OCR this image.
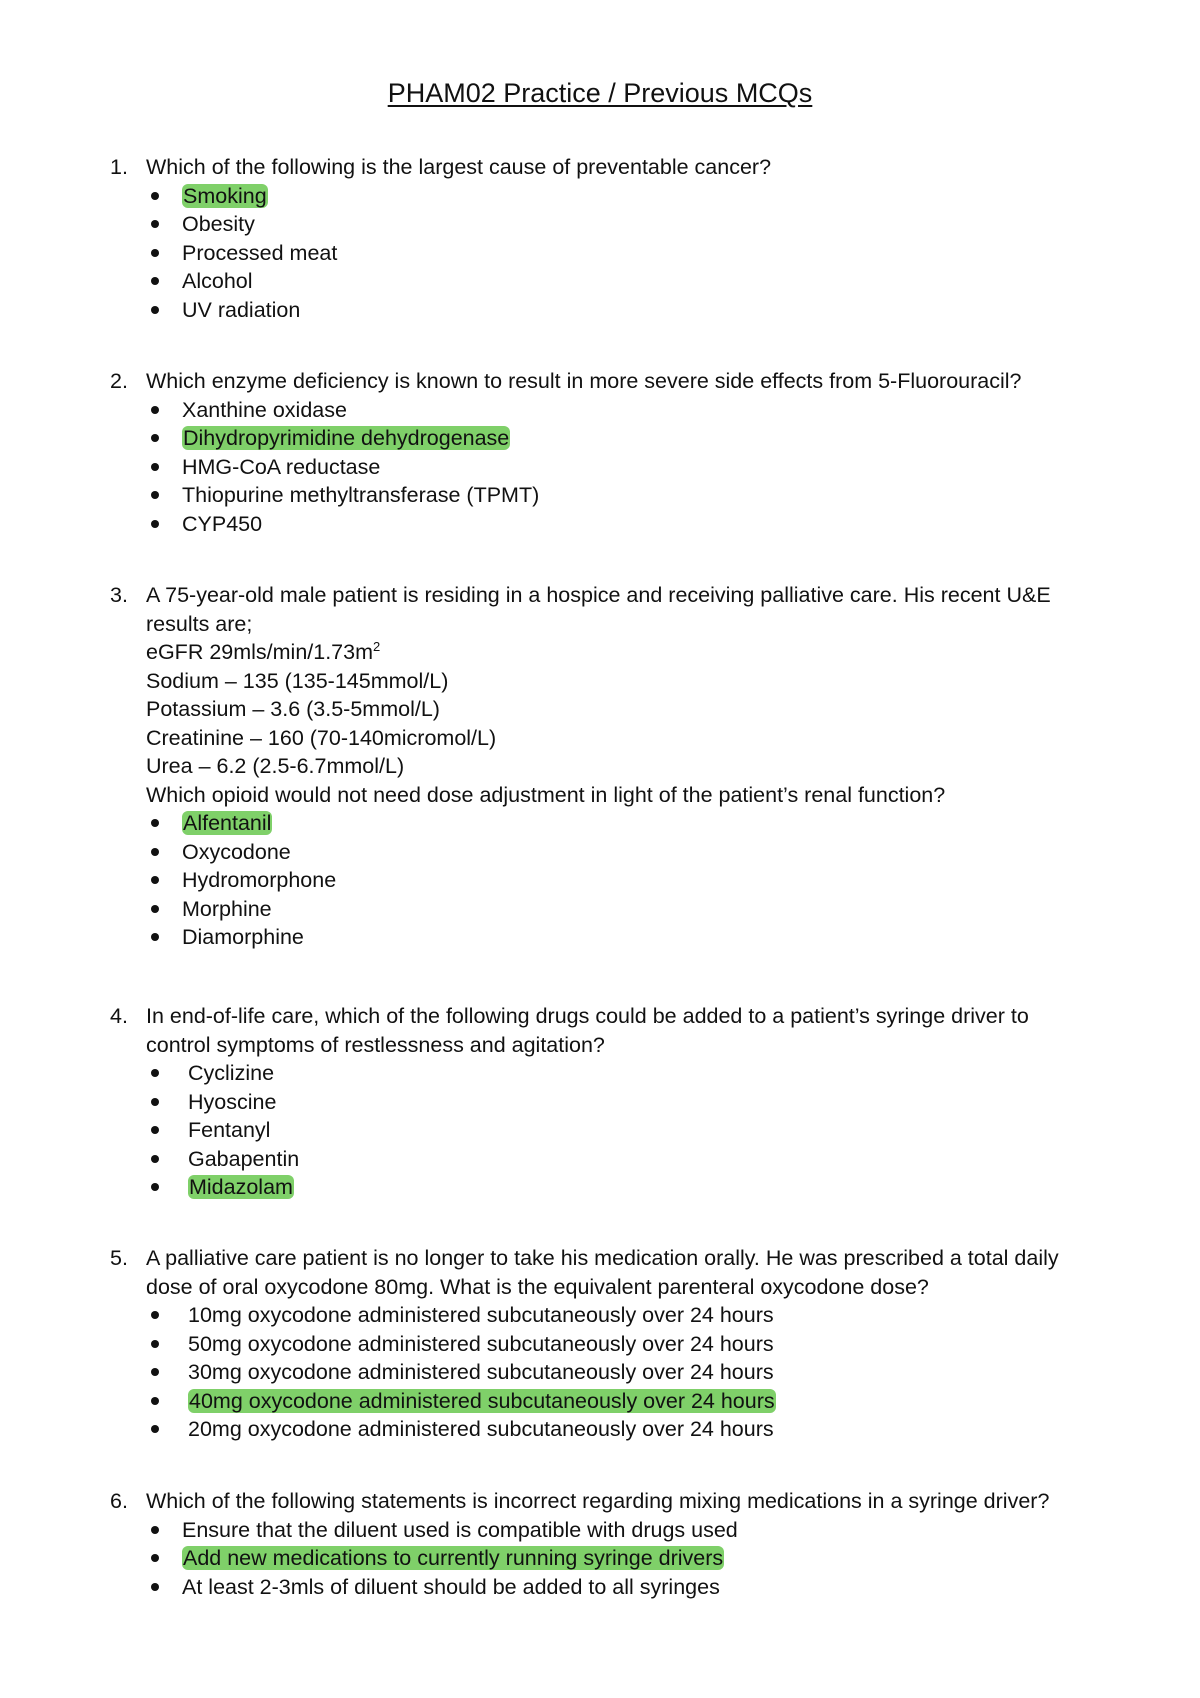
PHAM02 Practice / Previous MCQs
1. Which of the following is the largest cause of preventable cancer?
Smoking
Obesity
Processed meat
Alcohol
UV radiation
2. Which enzyme deficiency is known to result in more severe side effects from 5-Fluorouracil?
Xanthine oxidase
Dihydropyrimidine dehydrogenase
HMG-CoA reductase
Thiopurine methyltransferase (TPMT)
CYP450
3. A 75-year-old male patient is residing in a hospice and receiving palliative care. His recent U&E
results are;
eGFR $29mls/\min/1.73m^2$
Sodium – 135 (135-145mmol/L)
Potassium – 3.6 (3.5-5mmol/L)
Creatinine – 160 (70-140micromol/L)
Urea – 6.2 (2.5-6.7mmol/L)
Which opioid would not need dose adjustment in light of the patient’s renal function?
Alfentanil
Oxycodone
Hydromorphone
Morphine
Diamorphine
4. In end-of-life care, which of the following drugs could be added to a patient’s syringe driver to
control symptoms of restlessness and agitation?
Cyclizine
Hyoscine
Fentanyl
Gabapentin
Midazolam
5. A palliative care patient is no longer to take his medication orally. He was prescribed a total daily
dose of oral oxycodone 80mg. What is the equivalent parenteral oxycodone dose?
10mg oxycodone administered subcutaneously over 24 hours
50mg oxycodone administered subcutaneously over 24 hours
30mg oxycodone administered subcutaneously over 24 hours
40mg oxycodone administered subcutaneously over 24 hours
20mg oxycodone administered subcutaneously over 24 hours
6. Which of the following statements is incorrect regarding mixing medications in a syringe driver?
Ensure that the diluent used is compatible with drugs used
Add new medications to currently running syringe drivers
At least 2-3mls of diluent should be added to all syringes
